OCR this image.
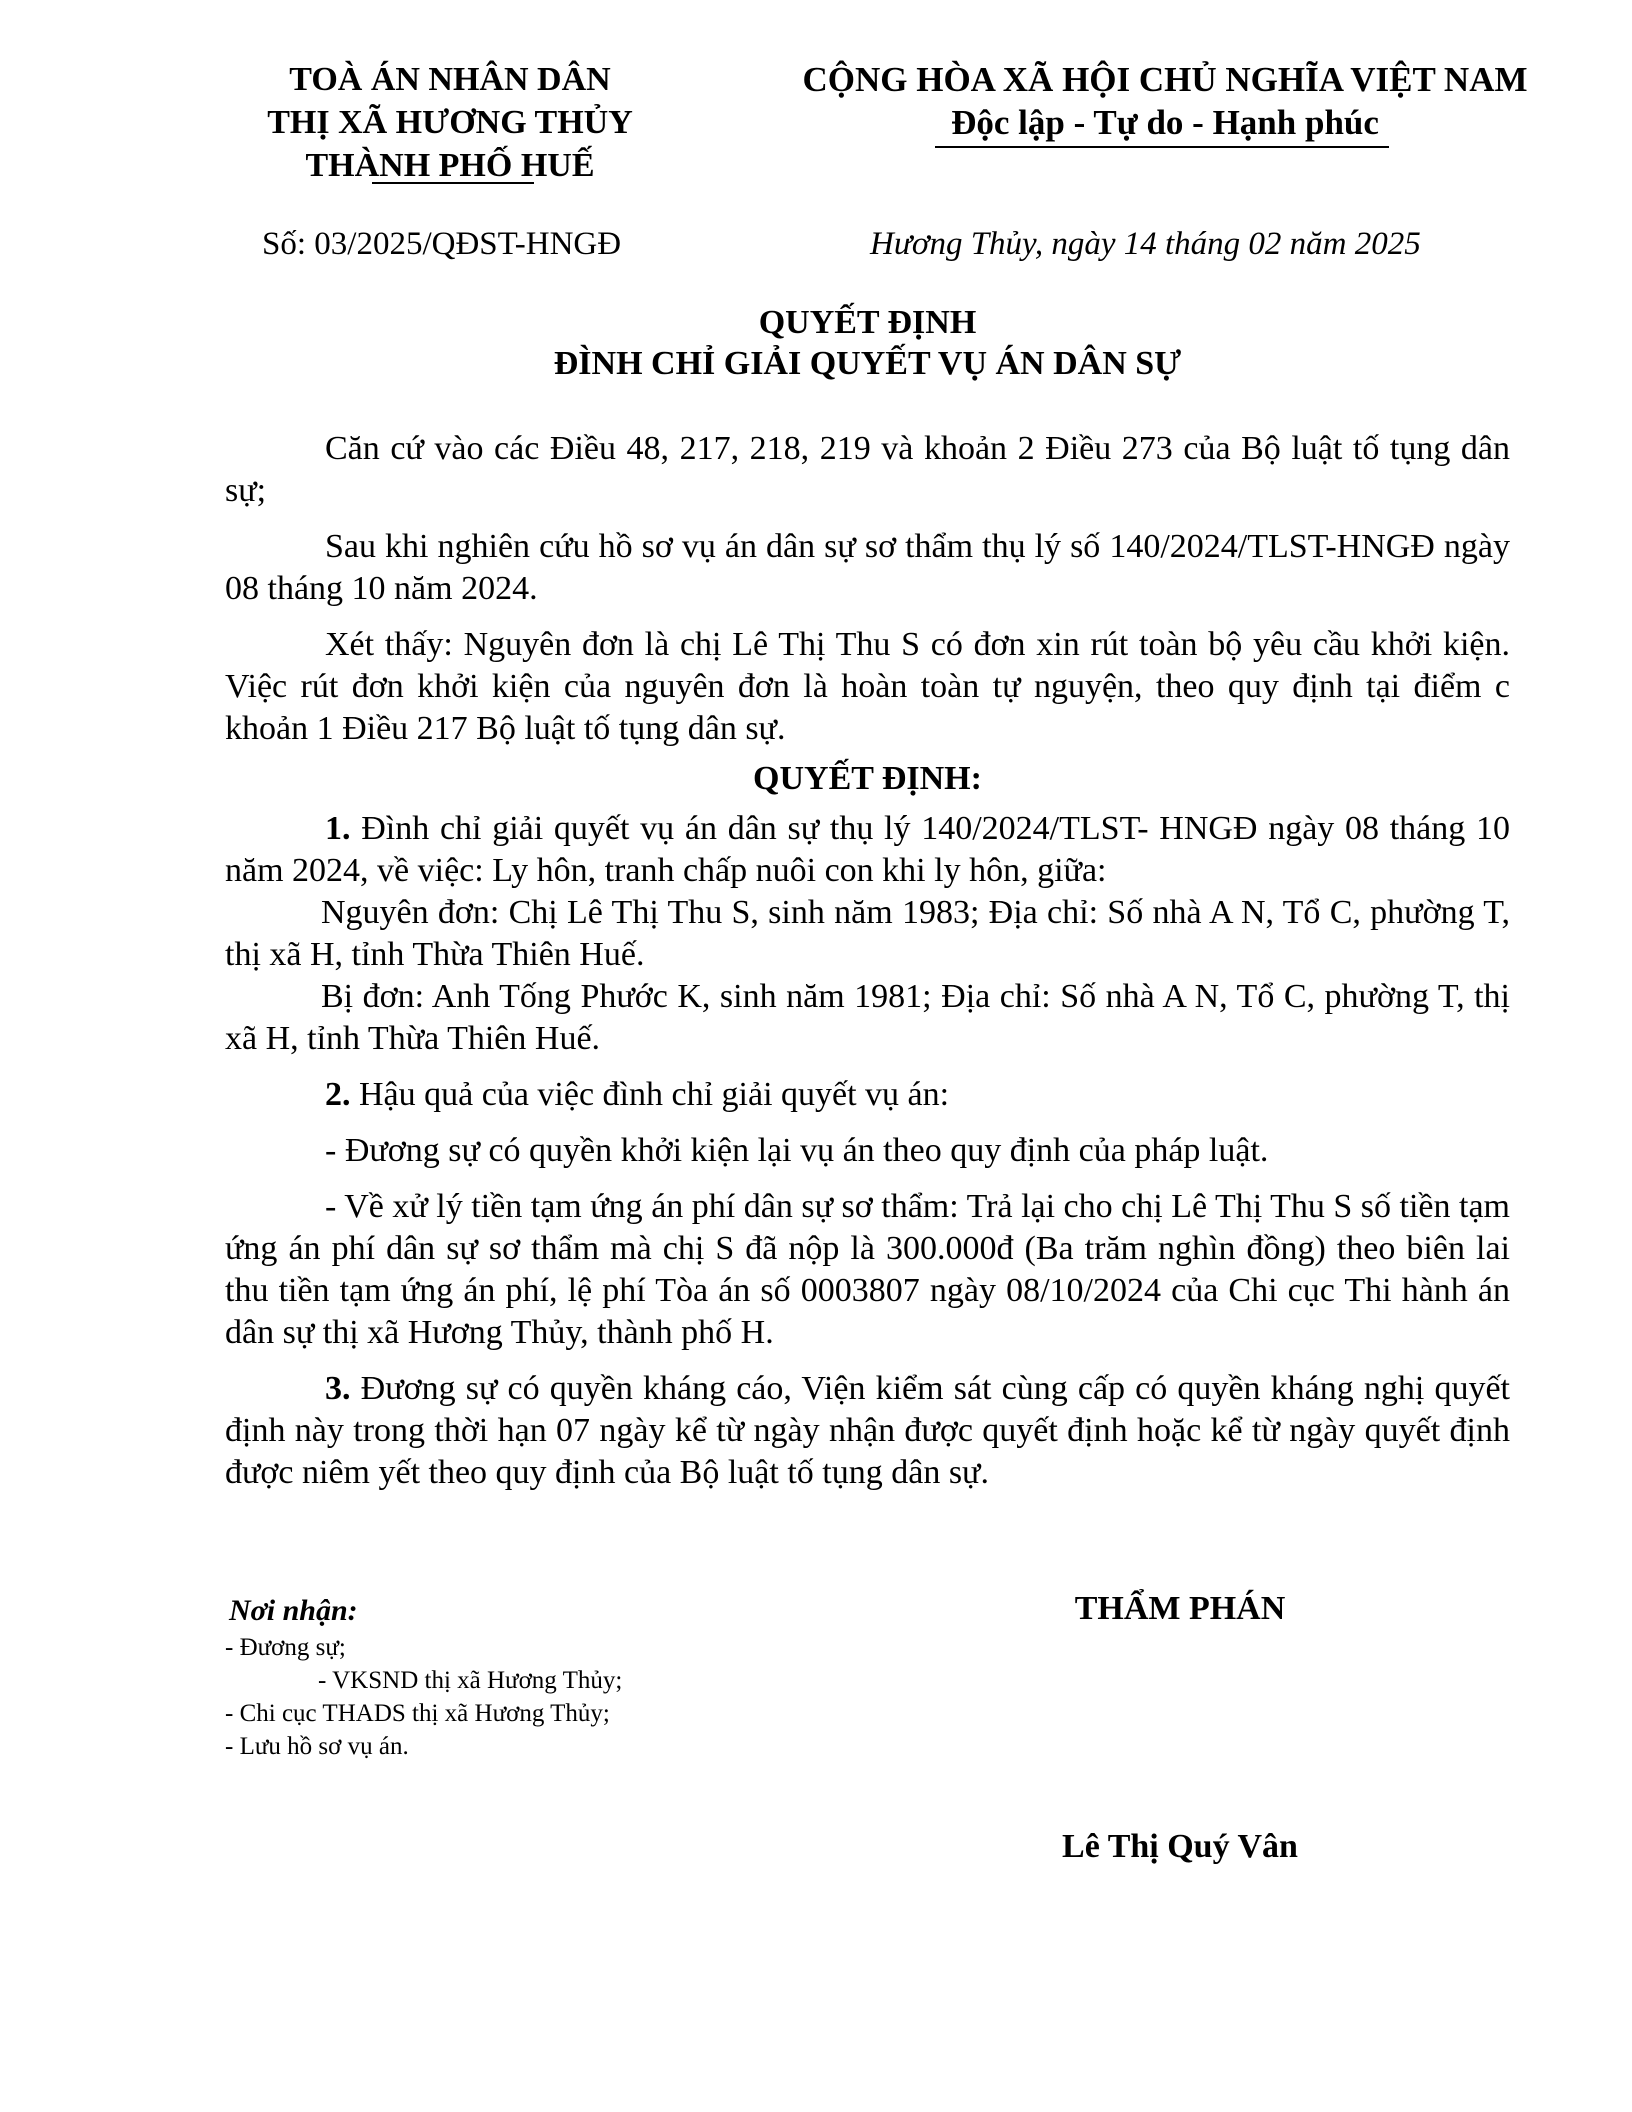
TOÀ ÁN NHÂN DÂN
THỊ XÃ HƯƠNG THỦY
THÀNH PHỐ HUẾ
CỘNG HÒA XÃ HỘI CHỦ NGHĨA VIỆT NAM
Độc lập - Tự do - Hạnh phúc
Số: 03/2025/QĐST-HNGĐ	Hương Thủy, ngày 14 tháng 02 năm 2025
QUYẾT ĐỊNH
ĐÌNH CHỈ GIẢI QUYẾT VỤ ÁN DÂN SỰ

Căn cứ vào các Điều 48, 217, 218, 219 và khoản 2 Điều 273 của Bộ luật tố tụng dân sự;

Sau khi nghiên cứu hồ sơ vụ án dân sự sơ thẩm thụ lý số 140/2024/TLST-HNGĐ ngày 08 tháng 10 năm 2024.

Xét thấy: Nguyên đơn là chị Lê Thị Thu S có đơn xin rút toàn bộ yêu cầu khởi kiện. Việc rút đơn khởi kiện của nguyên đơn là hoàn toàn tự nguyện, theo quy định tại điểm c khoản 1 Điều 217 Bộ luật tố tụng dân sự.

QUYẾT ĐỊNH:

1. Đình chỉ giải quyết vụ án dân sự thụ lý 140/2024/TLST- HNGĐ ngày 08 tháng 10 năm 2024, về việc: Ly hôn, tranh chấp nuôi con khi ly hôn, giữa:

Nguyên đơn: Chị Lê Thị Thu S, sinh năm 1983; Địa chỉ: Số nhà A N, Tổ C, phường T, thị xã H, tỉnh Thừa Thiên Huế.

Bị đơn: Anh Tống Phước K, sinh năm 1981; Địa chỉ: Số nhà A N, Tổ C, phường T, thị xã H, tỉnh Thừa Thiên Huế.

2. Hậu quả của việc đình chỉ giải quyết vụ án:

- Đương sự có quyền khởi kiện lại vụ án theo quy định của pháp luật.

- Về xử lý tiền tạm ứng án phí dân sự sơ thẩm: Trả lại cho chị Lê Thị Thu S số tiền tạm ứng án phí dân sự sơ thẩm mà chị S đã nộp là 300.000đ (Ba trăm nghìn đồng) theo biên lai thu tiền tạm ứng án phí, lệ phí Tòa án số 0003807 ngày 08/10/2024 của Chi cục Thi hành án dân sự thị xã Hương Thủy, thành phố H.

3. Đương sự có quyền kháng cáo, Viện kiểm sát cùng cấp có quyền kháng nghị quyết định này trong thời hạn 07 ngày kể từ ngày nhận được quyết định hoặc kể từ ngày quyết định được niêm yết theo quy định của Bộ luật tố tụng dân sự.

Nơi nhận:
- Đương sự;
- VKSND thị xã Hương Thủy;
- Chi cục THADS thị xã Hương Thủy;
- Lưu hồ sơ vụ án.
THẨM PHÁN
Lê Thị Quý Vân
